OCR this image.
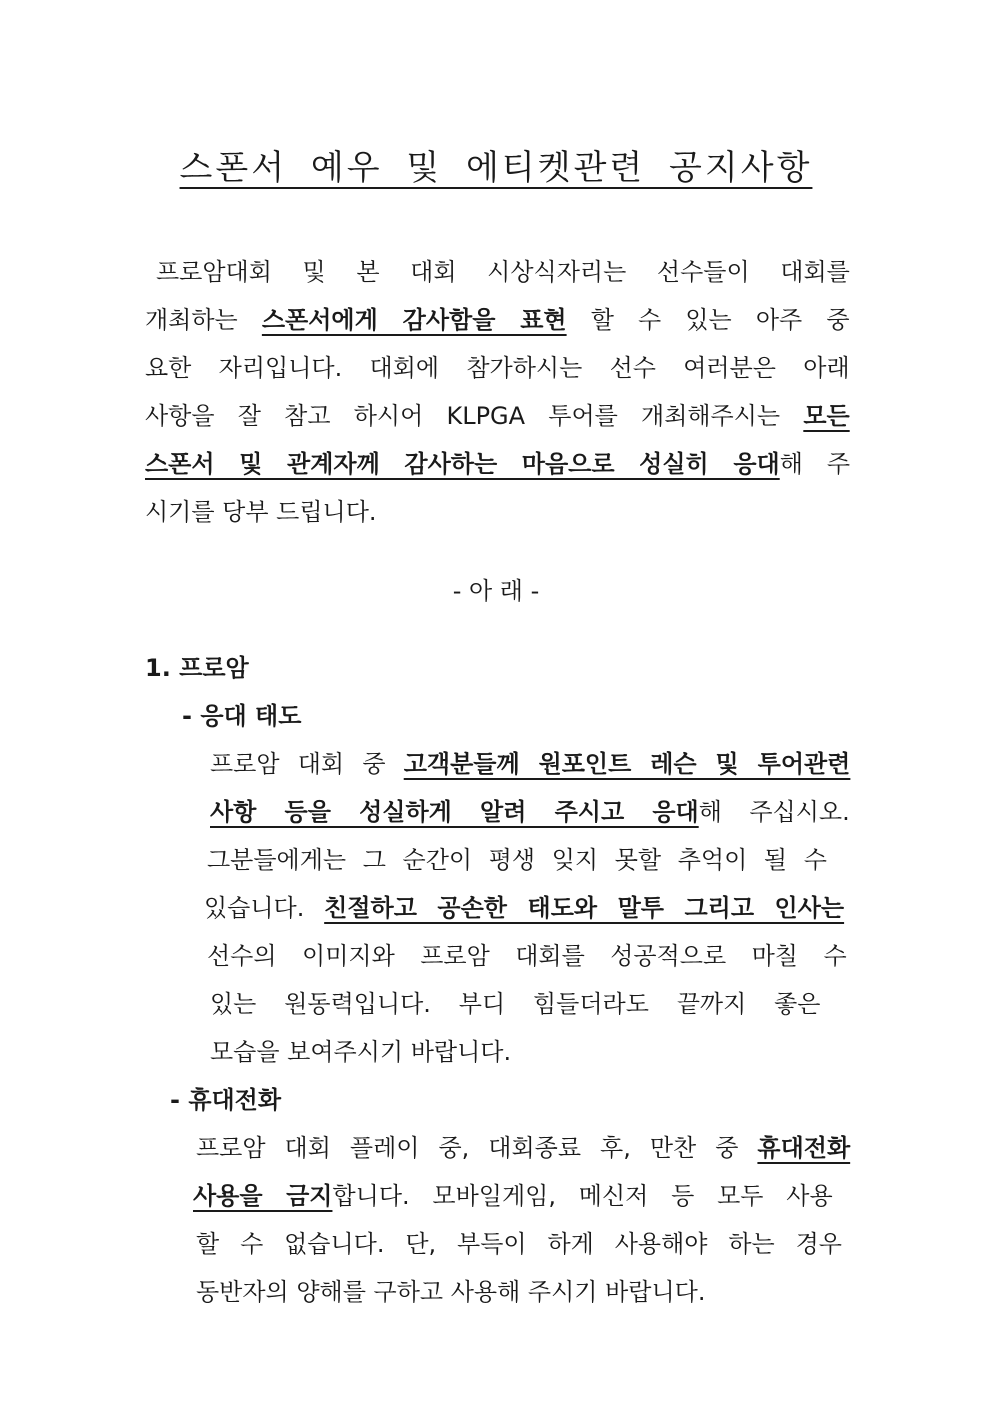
스폰서 예우 및 에티켓관련 공지사항
프로암대회 및 본 대회 시상식자리는 선수들이 대회를
개최하는 스폰서에게 감사함을 표현 할 수 있는 아주 중
요한 자리입니다. 대회에 참가하시는 선수 여러분은 아래
사항을 잘 참고 하시어 KLPGA 투어를 개최해주시는 모든
스폰서 및 관계자께 감사하는 마음으로 성실히 응대해 주
시기를 당부 드립니다.
- 아 래 -
1. 프로암
- 응대 태도
프로암 대회 중 고객분들께 원포인트 레슨 및 투어관련
사항 등을 성실하게 알려 주시고 응대해 주십시오.
그분들에게는 그 순간이 평생 잊지 못할 추억이 될 수
있습니다. 친절하고 공손한 태도와 말투 그리고 인사는
선수의 이미지와 프로암 대회를 성공적으로 마칠 수
있는 원동력입니다. 부디 힘들더라도 끝까지 좋은
모습을 보여주시기 바랍니다.
- 휴대전화
프로암 대회 플레이 중, 대회종료 후, 만찬 중 휴대전화
사용을 금지합니다. 모바일게임, 메신저 등 모두 사용
할 수 없습니다. 단, 부득이 하게 사용해야 하는 경우
동반자의 양해를 구하고 사용해 주시기 바랍니다.
